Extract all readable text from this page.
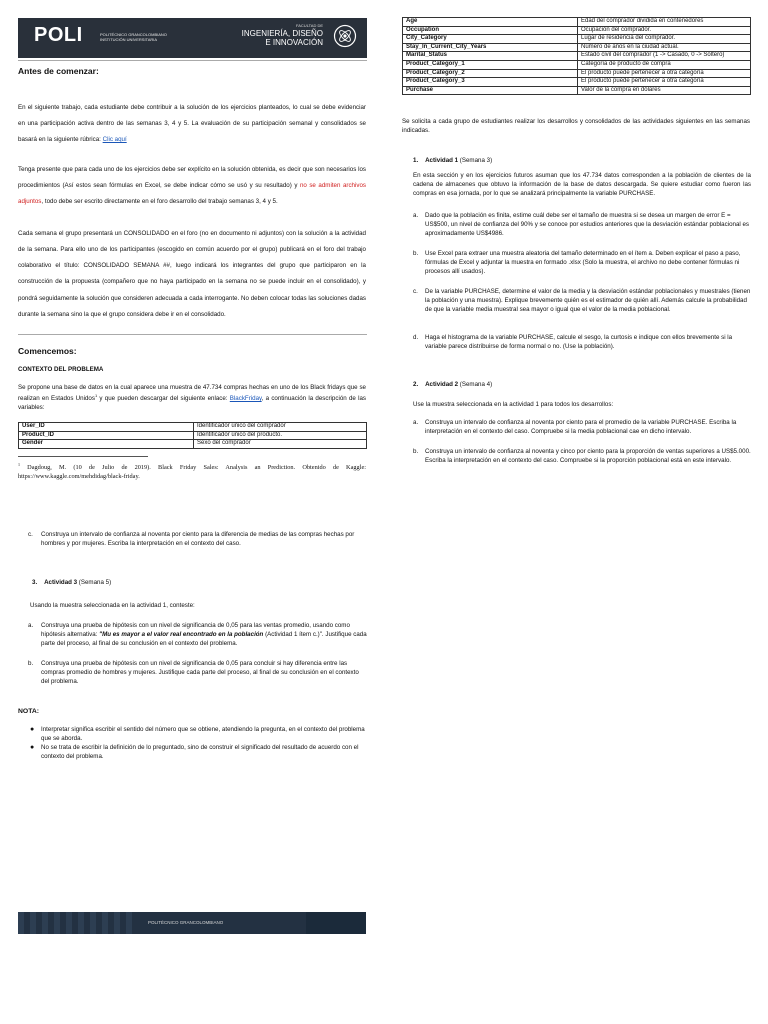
POLI	POLITÉCNICO GRANCOLOMBIANO INSTITUCIÓN UNIVERSITARIA
FACULTAD DE
INGENIERÍA, DISEÑO
E INNOVACIÓN
Antes de comenzar:
En el siguiente trabajo, cada estudiante debe contribuir a la solución de los ejercicios planteados, lo cual se debe evidenciar en una participación activa dentro de las semanas 3, 4 y 5. La evaluación de su participación semanal y consolidados se basará en la siguiente rúbrica: Clic aquí
Tenga presente que para cada uno de los ejercicios debe ser explícito en la solución obtenida, es decir que son necesarios los procedimientos (Así estos sean fórmulas en Excel, se debe indicar cómo se usó y su resultado) y no se admiten archivos adjuntos, todo debe ser escrito directamente en el foro desarrollo del trabajo semanas 3, 4 y 5.
Cada semana el grupo presentará un CONSOLIDADO en el foro (no en documento ni adjuntos) con la solución a la actividad de la semana. Para ello uno de los participantes (escogido en común acuerdo por el grupo) publicará en el foro del trabajo colaborativo el título: CONSOLIDADO SEMANA ##, luego indicará los integrantes del grupo que participaron en la construcción de la propuesta (compañero que no haya participado en la semana no se puede incluir en el consolidado), y pondrá seguidamente la solución que consideren adecuada a cada interrogante. No deben colocar todas las soluciones dadas durante la semana sino la que el grupo considera debe ir en el consolidado.
Comencemos:
CONTEXTO DEL PROBLEMA
Se propone una base de datos en la cual aparece una muestra de 47.734 compras hechas en uno de los Black fridays que se realizan en Estados Unidos$^1$ y que pueden descargar del siguiente enlace: BlackFriday, a continuación la descripción de las variables:
User_ID	Identificador único del comprador
Product_ID	Identificador único del producto.
Gender	Sexo del comprador
$^1$ Dagdoug, M. (10 de Julio de 2019). Black Friday Sales: Analysis an Prediction. Obtenido de Kaggle: https://www.kaggle.com/mehdidag/black-friday.
c. Construya un intervalo de confianza al noventa por ciento para la diferencia de medias de las compras hechas por hombres y por mujeres. Escriba la interpretación en el contexto del caso.
3. Actividad 3 (Semana 5)
Usando la muestra seleccionada en la actividad 1, conteste:
a. Construya una prueba de hipótesis con un nivel de significancia de 0,05 para las ventas promedio, usando como hipótesis alternativa: "Mu es mayor a el valor real encontrado en la población (Actividad 1 ítem c.)". Justifique cada parte del proceso, al final de su conclusión en el contexto del problema.
b. Construya una prueba de hipótesis con un nivel de significancia de 0,05 para concluir si hay diferencia entre las compras promedio de hombres y mujeres. Justifique cada parte del proceso, al final de su conclusión en el contexto del problema.
NOTA:
● Interpretar significa escribir el sentido del número que se obtiene, atendiendo la pregunta, en el contexto del problema que se aborda.
● No se trata de escribir la definición de lo preguntado, sino de construir el significado del resultado de acuerdo con el contexto del problema.
POLITÉCNICO GRANCOLOMBIANO
Age	Edad del comprador dividida en contenedores
Occupation	Ocupación del comprador.
City_Category	Lugar de residencia del comprador.
Stay_In_Current_City_Years	Número de años en la ciudad actual.
Marital_Status	Estado civil del comprador (1 -> Casado, 0 -> Soltero)
Product_Category_1	Categoría de producto de compra
Product_Category_2	El producto puede pertenecer a otra categoría
Product_Category_3	El producto puede pertenecer a otra categoría
Purchase	Valor de la compra en dólares
Se solicita a cada grupo de estudiantes realizar los desarrollos y consolidados de las actividades siguientes en las semanas indicadas.
1. Actividad 1 (Semana 3)
En esta sección y en los ejercicios futuros asuman que los 47.734 datos corresponden a la población de clientes de la cadena de almacenes que obtuvo la información de la base de datos descargada. Se quiere estudiar como fueron las compras en esa jornada, por lo que se analizará principalmente la variable PURCHASE.
a. Dado que la población es finita, estime cuál debe ser el tamaño de muestra si se desea un margen de error E = US$500, un nivel de confianza del 90% y se conoce por estudios anteriores que la desviación estándar poblacional es aproximadamente US$4986.
b. Use Excel para extraer una muestra aleatoria del tamaño determinado en el ítem a. Deben explicar el paso a paso, fórmulas de Excel y adjuntar la muestra en formado .xlsx (Solo la muestra, el archivo no debe contener fórmulas ni procesos allí usados).
c. De la variable PURCHASE, determine el valor de la media y la desviación estándar poblacionales y muestrales (tienen la población y una muestra). Explique brevemente quién es el estimador de quién allí. Además calcule la probabilidad de que la variable media muestral sea mayor o igual que el valor de la media poblacional.
d. Haga el histograma de la variable PURCHASE, calcule el sesgo, la curtosis e indique con ellos brevemente si la variable parece distribuirse de forma normal o no. (Use la población).
2. Actividad 2 (Semana 4)
Use la muestra seleccionada en la actividad 1 para todos los desarrollos:
a. Construya un intervalo de confianza al noventa por ciento para el promedio de la variable PURCHASE. Escriba la interpretación en el contexto del caso. Compruebe si la media poblacional cae en dicho intervalo.
b. Construya un intervalo de confianza al noventa y cinco por ciento para la proporción de ventas superiores a US$5.000. Escriba la interpretación en el contexto del caso. Compruebe si la proporción poblacional está en este intervalo.
